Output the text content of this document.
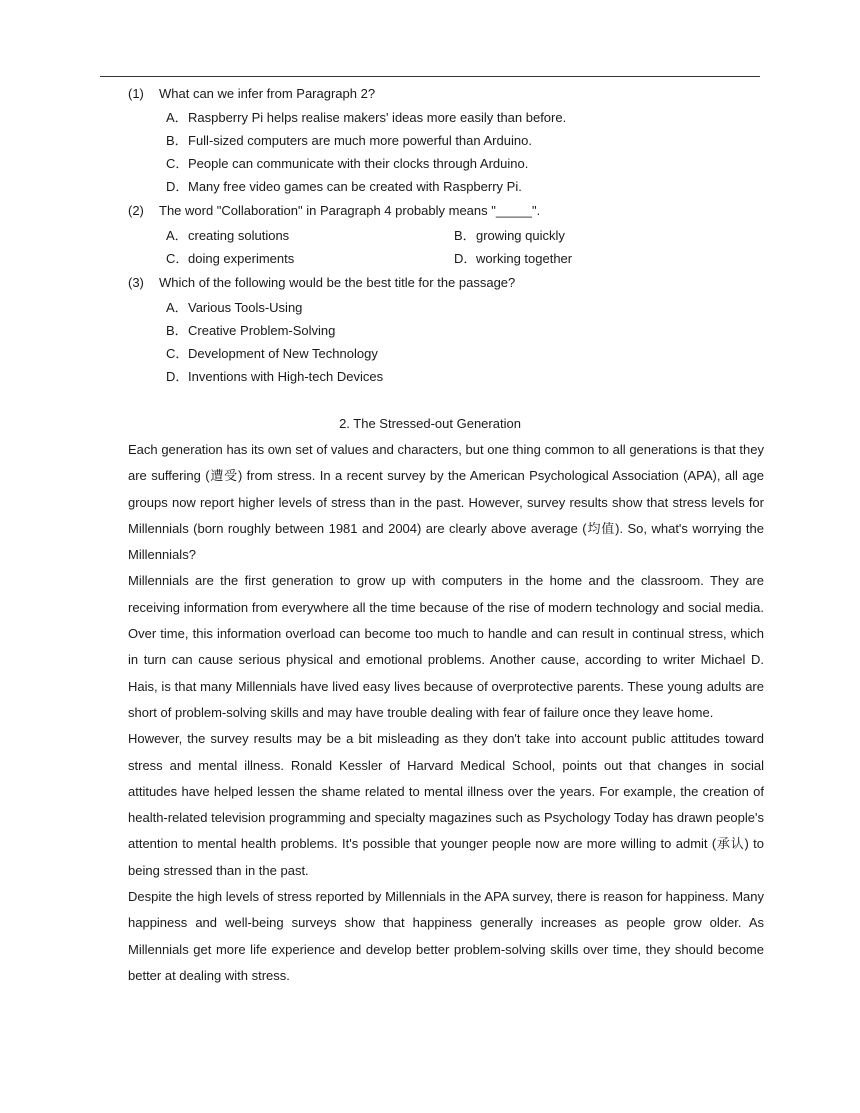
(1) What can we infer from Paragraph 2?
A．Raspberry Pi helps realise makers' ideas more easily than before.
B．Full-sized computers are much more powerful than Arduino.
C．People can communicate with their clocks through Arduino.
D．Many free video games can be created with Raspberry Pi.
(2) The word "Collaboration" in Paragraph 4 probably means "_____".
A．creating solutions	B．growing quickly
C．doing experiments	D．working together
(3) Which of the following would be the best title for the passage?
A．Various Tools-Using
B．Creative Problem-Solving
C．Development of New Technology
D．Inventions with High-tech Devices
2. The Stressed-out Generation

Each generation has its own set of values and characters, but one thing common to all generations is that they are suffering (遭受) from stress. In a recent survey by the American Psychological Association (APA), all age groups now report higher levels of stress than in the past. However, survey results show that stress levels for Millennials (born roughly between 1981 and 2004) are clearly above average (均值). So, what's worrying the Millennials?

Millennials are the first generation to grow up with computers in the home and the classroom. They are receiving information from everywhere all the time because of the rise of modern technology and social media. Over time, this information overload can become too much to handle and can result in continual stress, which in turn can cause serious physical and emotional problems. Another cause, according to writer Michael D. Hais, is that many Millennials have lived easy lives because of overprotective parents. These young adults are short of problem-solving skills and may have trouble dealing with fear of failure once they leave home.

However, the survey results may be a bit misleading as they don't take into account public attitudes toward stress and mental illness. Ronald Kessler of Harvard Medical School, points out that changes in social attitudes have helped lessen the shame related to mental illness over the years. For example, the creation of health-related television programming and specialty magazines such as Psychology Today has drawn people's attention to mental health problems. It's possible that younger people now are more willing to admit (承认) to being stressed than in the past.

Despite the high levels of stress reported by Millennials in the APA survey, there is reason for happiness. Many happiness and well-being surveys show that happiness generally increases as people grow older. As Millennials get more life experience and develop better problem-solving skills over time, they should become better at dealing with stress.
